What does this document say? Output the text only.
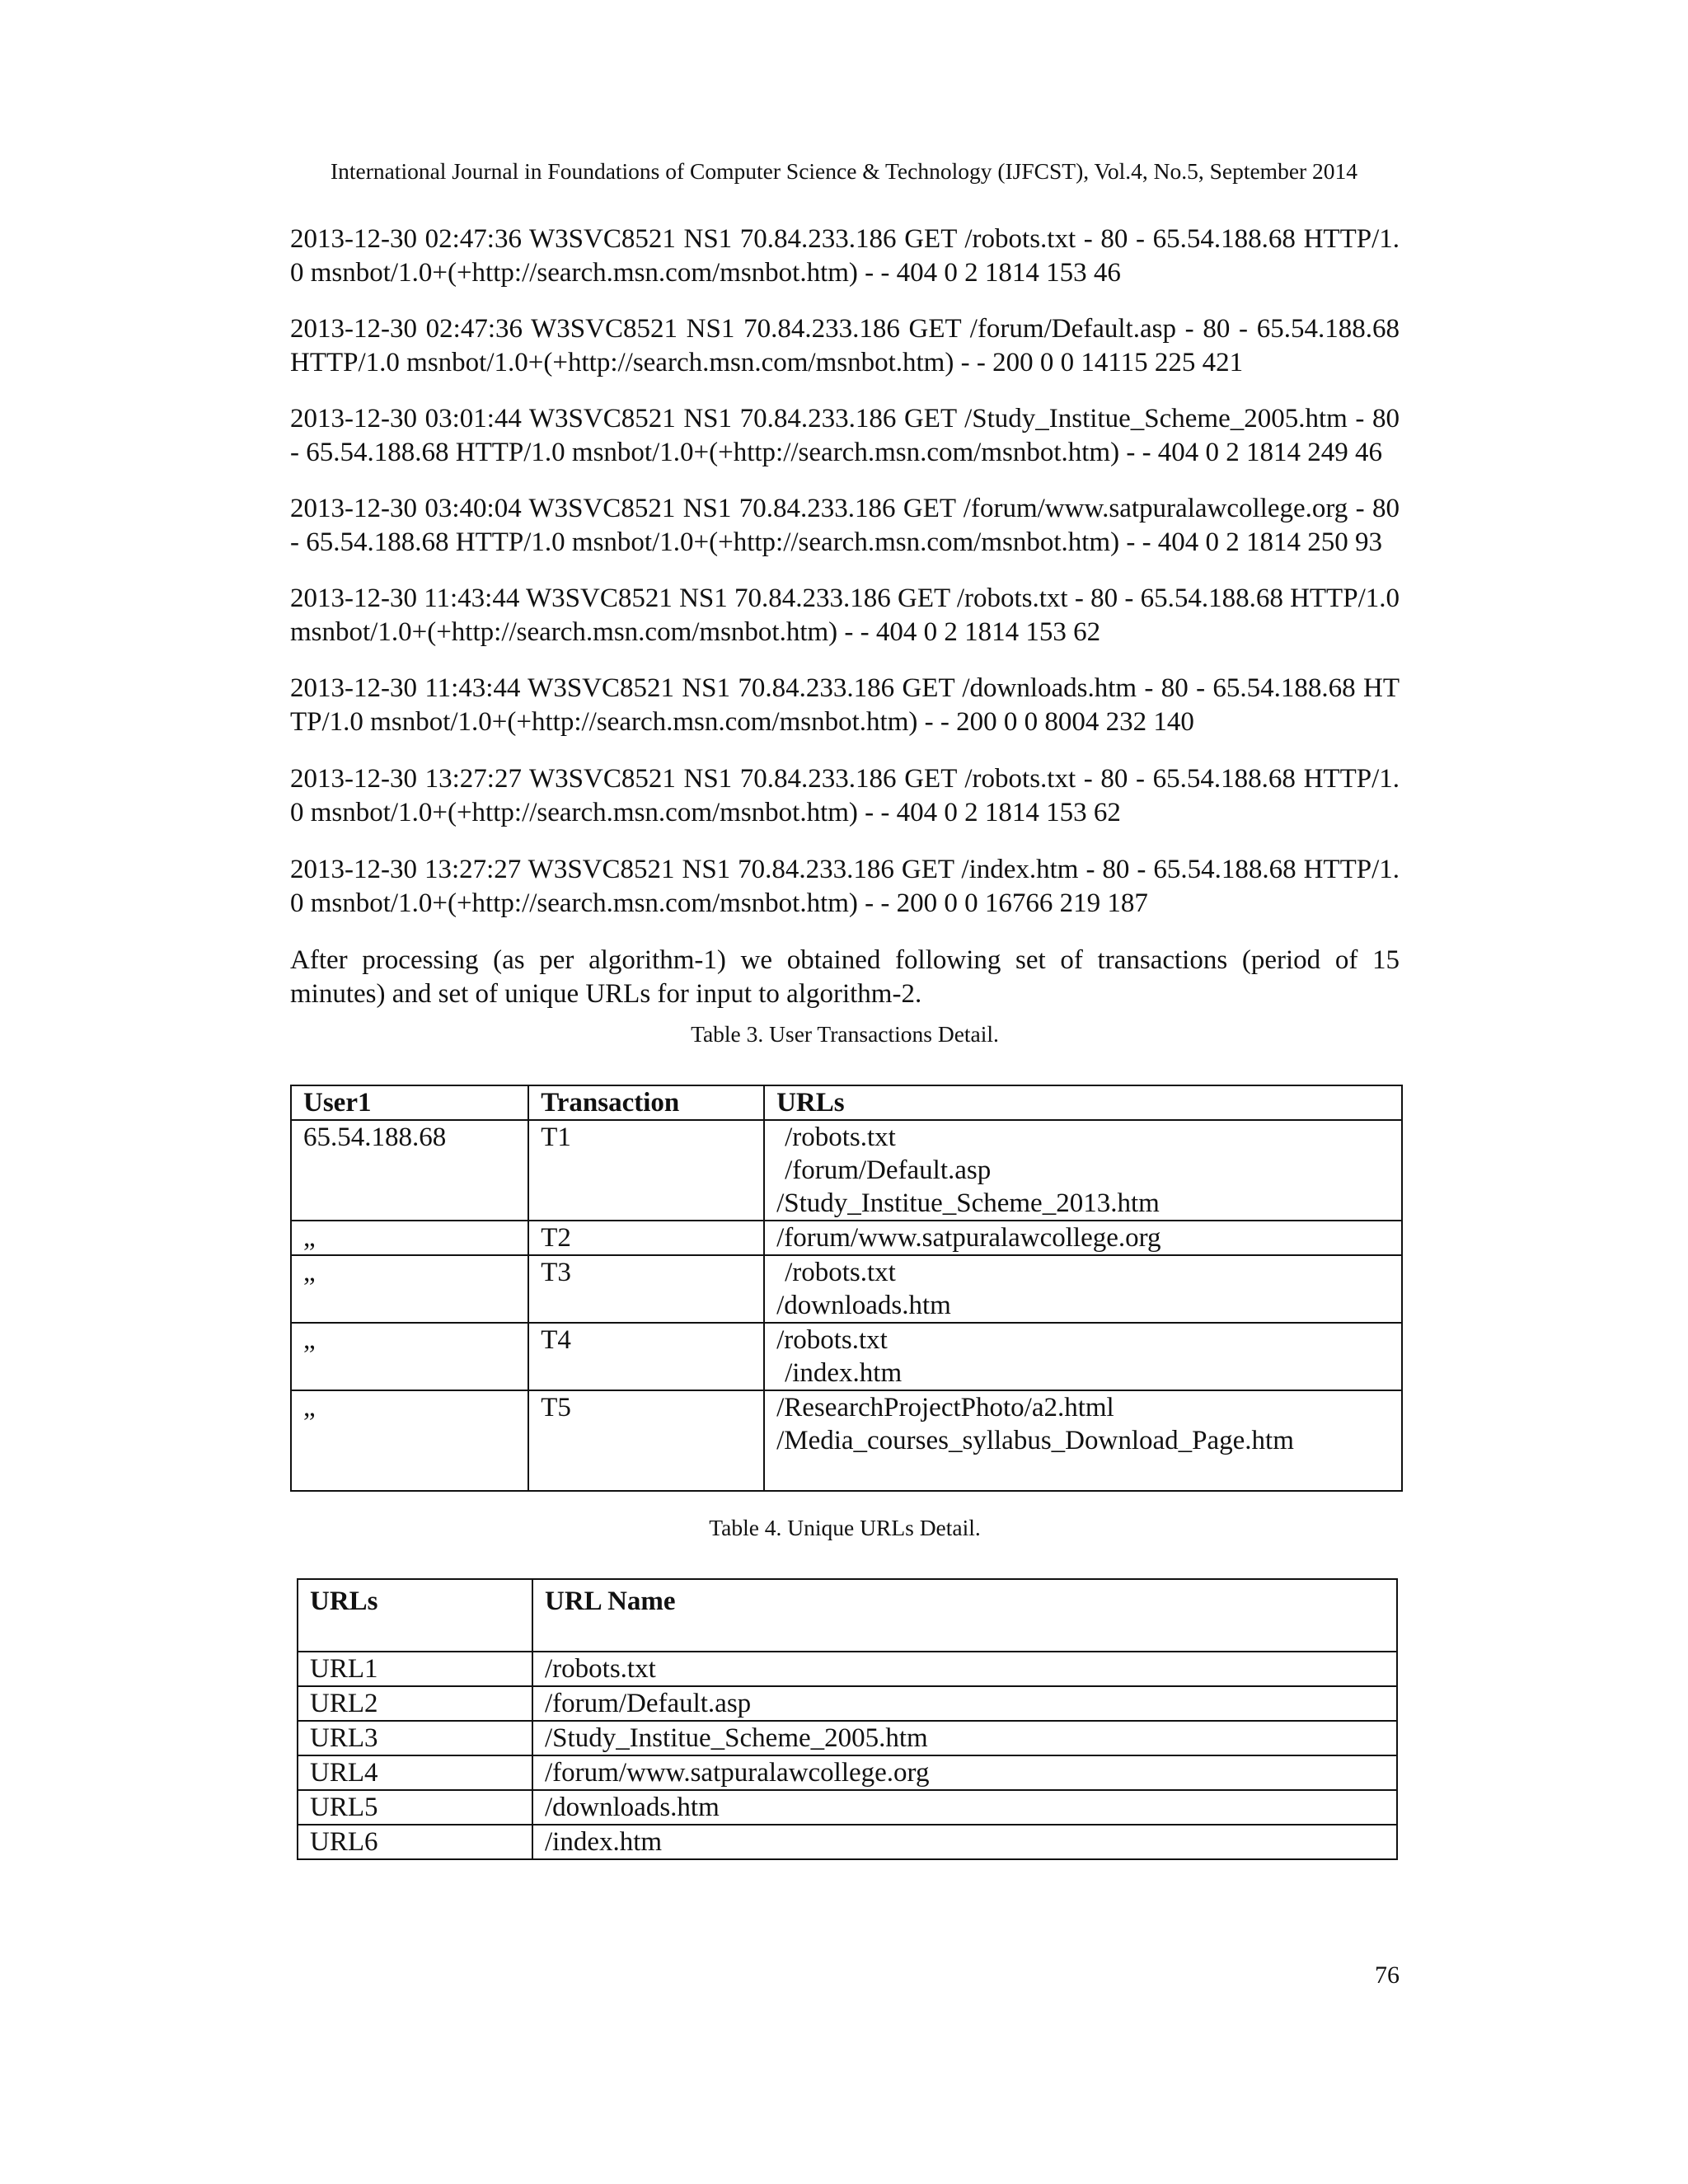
International Journal in Foundations of Computer Science & Technology (IJFCST), Vol.4, No.5, September 2014

2013-12-30 02:47:36 W3SVC8521 NS1 70.84.233.186 GET /robots.txt - 80 - 65.54.188.68 HTTP/1.0 msnbot/1.0+(+http://search.msn.com/msnbot.htm) - - 404 0 2 1814 153 46

2013-12-30 02:47:36 W3SVC8521 NS1 70.84.233.186 GET /forum/Default.asp - 80 - 65.54.188.68 HTTP/1.0 msnbot/1.0+(+http://search.msn.com/msnbot.htm) - - 200 0 0 14115 225 421

2013-12-30 03:01:44 W3SVC8521 NS1 70.84.233.186 GET /Study_Institue_Scheme_2005.htm - 80 - 65.54.188.68 HTTP/1.0 msnbot/1.0+(+http://search.msn.com/msnbot.htm) - - 404 0 2 1814 249 46

2013-12-30 03:40:04 W3SVC8521 NS1 70.84.233.186 GET /forum/www.satpuralawcollege.org - 80 - 65.54.188.68 HTTP/1.0 msnbot/1.0+(+http://search.msn.com/msnbot.htm) - - 404 0 2 1814 250 93

2013-12-30 11:43:44 W3SVC8521 NS1 70.84.233.186 GET /robots.txt - 80 - 65.54.188.68 HTTP/1.0 msnbot/1.0+(+http://search.msn.com/msnbot.htm) - - 404 0 2 1814 153 62

2013-12-30 11:43:44 W3SVC8521 NS1 70.84.233.186 GET /downloads.htm - 80 - 65.54.188.68 HTTP/1.0 msnbot/1.0+(+http://search.msn.com/msnbot.htm) - - 200 0 0 8004 232 140

2013-12-30 13:27:27 W3SVC8521 NS1 70.84.233.186 GET /robots.txt - 80 - 65.54.188.68 HTTP/1.0 msnbot/1.0+(+http://search.msn.com/msnbot.htm) - - 404 0 2 1814 153 62

2013-12-30 13:27:27 W3SVC8521 NS1 70.84.233.186 GET /index.htm - 80 - 65.54.188.68 HTTP/1.0 msnbot/1.0+(+http://search.msn.com/msnbot.htm) - - 200 0 0 16766 219 187

After processing (as per algorithm-1) we obtained following set of transactions (period of 15 minutes) and set of unique URLs for input to algorithm-2.

Table 3. User Transactions Detail.

User1	Transaction	URLs
65.54.188.68	T1	/robots.txt
/forum/Default.asp
/Study_Institue_Scheme_2013.htm

„	T2	/forum/www.satpuralawcollege.org

„	T3	/robots.txt
/downloads.htm

„	T4	/robots.txt
/index.htm

„	T5	/ResearchProjectPhoto/a2.html
/Media_courses_syllabus_Download_Page.htm

Table 4. Unique URLs Detail.

URLs	URL Name
URL1	/robots.txt
URL2	/forum/Default.asp
URL3	/Study_Institue_Scheme_2005.htm
URL4	/forum/www.satpuralawcollege.org
URL5	/downloads.htm
URL6	/index.htm
76
